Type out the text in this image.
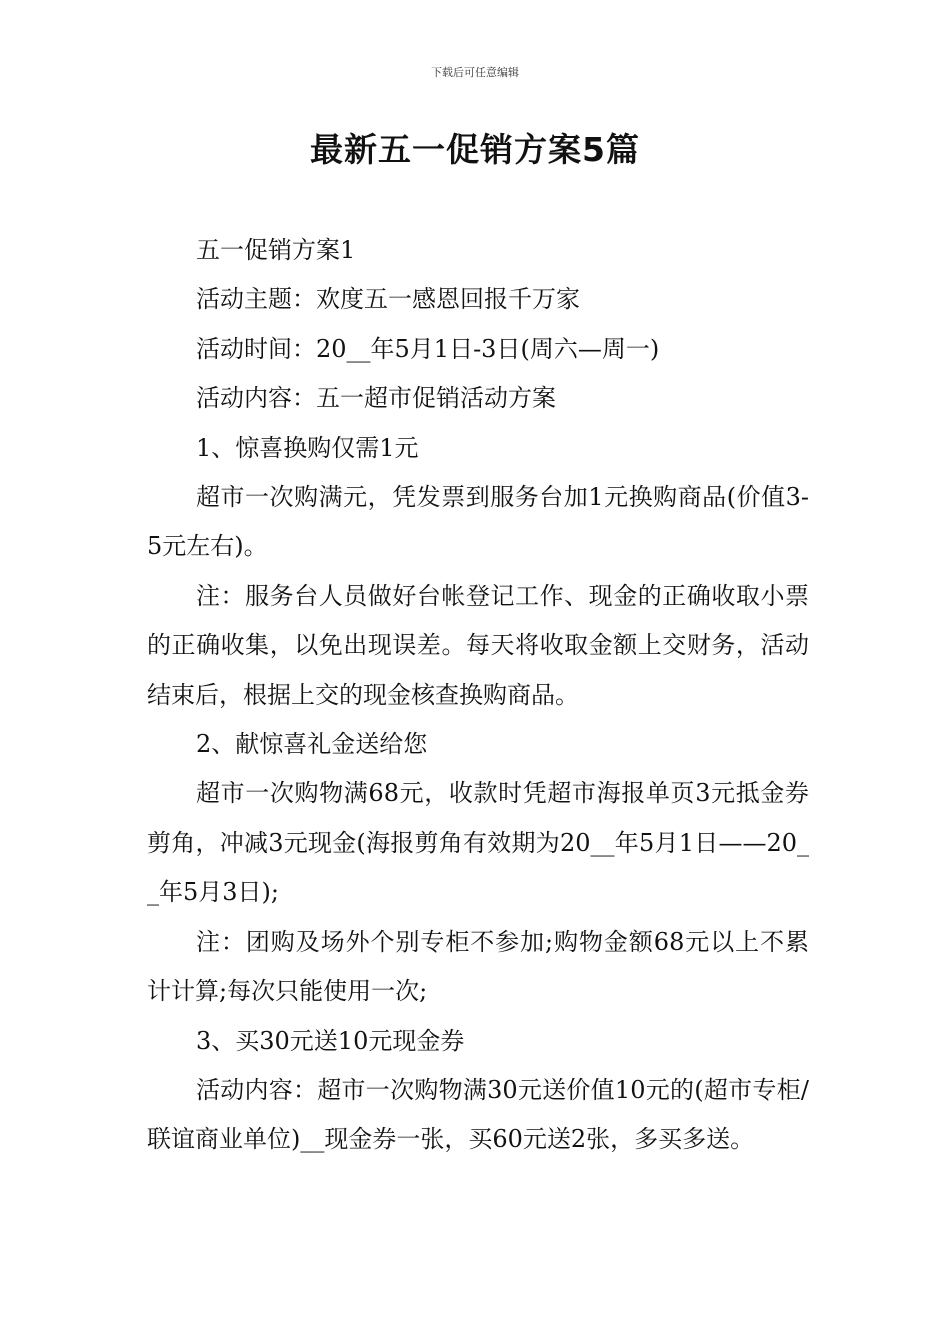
下载后可任意编辑
最新五一促销方案5篇

五一促销方案1

活动主题：欢度五一感恩回报千万家

活动时间：20__年5月1日-3日(周六—周一)

活动内容：五一超市促销活动方案

1、惊喜换购仅需1元

超市一次购满元，凭发票到服务台加1元换购商品(价值3-5元左右)。

注：服务台人员做好台帐登记工作、现金的正确收取小票的正确收集，以免出现误差。每天将收取金额上交财务，活动结束后，根据上交的现金核查换购商品。

2、献惊喜礼金送给您

超市一次购物满68元，收款时凭超市海报单页3元抵金券剪角，冲减3元现金(海报剪角有效期为20__年5月1日——20__年5月3日);

注：团购及场外个别专柜不参加;购物金额68元以上不累计计算;每次只能使用一次;

3、买30元送10元现金券

活动内容：超市一次购物满30元送价值10元的(超市专柜/联谊商业单位)__现金券一张，买60元送2张，多买多送。
